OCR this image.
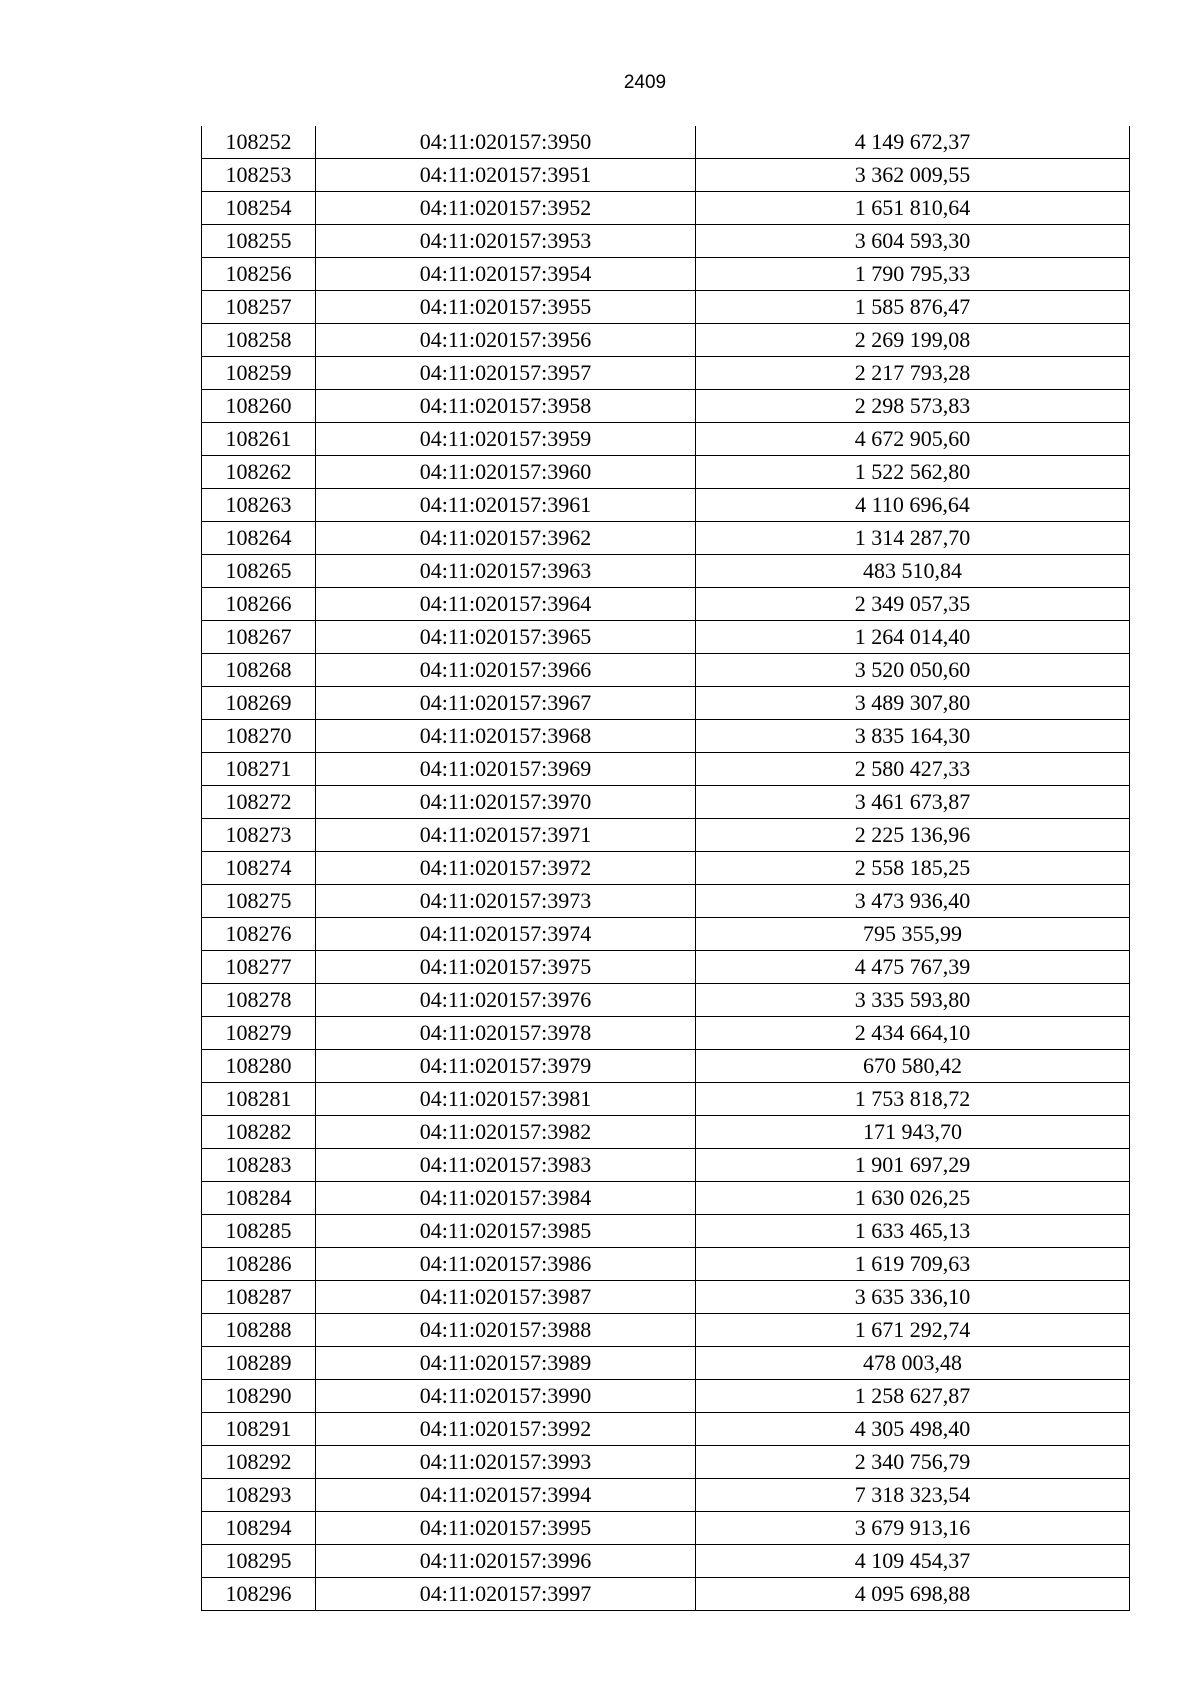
2409
108252	04:11:020157:3950	4 149 672,37
108253	04:11:020157:3951	3 362 009,55
108254	04:11:020157:3952	1 651 810,64
108255	04:11:020157:3953	3 604 593,30
108256	04:11:020157:3954	1 790 795,33
108257	04:11:020157:3955	1 585 876,47
108258	04:11:020157:3956	2 269 199,08
108259	04:11:020157:3957	2 217 793,28
108260	04:11:020157:3958	2 298 573,83
108261	04:11:020157:3959	4 672 905,60
108262	04:11:020157:3960	1 522 562,80
108263	04:11:020157:3961	4 110 696,64
108264	04:11:020157:3962	1 314 287,70
108265	04:11:020157:3963	483 510,84
108266	04:11:020157:3964	2 349 057,35
108267	04:11:020157:3965	1 264 014,40
108268	04:11:020157:3966	3 520 050,60
108269	04:11:020157:3967	3 489 307,80
108270	04:11:020157:3968	3 835 164,30
108271	04:11:020157:3969	2 580 427,33
108272	04:11:020157:3970	3 461 673,87
108273	04:11:020157:3971	2 225 136,96
108274	04:11:020157:3972	2 558 185,25
108275	04:11:020157:3973	3 473 936,40
108276	04:11:020157:3974	795 355,99
108277	04:11:020157:3975	4 475 767,39
108278	04:11:020157:3976	3 335 593,80
108279	04:11:020157:3978	2 434 664,10
108280	04:11:020157:3979	670 580,42
108281	04:11:020157:3981	1 753 818,72
108282	04:11:020157:3982	171 943,70
108283	04:11:020157:3983	1 901 697,29
108284	04:11:020157:3984	1 630 026,25
108285	04:11:020157:3985	1 633 465,13
108286	04:11:020157:3986	1 619 709,63
108287	04:11:020157:3987	3 635 336,10
108288	04:11:020157:3988	1 671 292,74
108289	04:11:020157:3989	478 003,48
108290	04:11:020157:3990	1 258 627,87
108291	04:11:020157:3992	4 305 498,40
108292	04:11:020157:3993	2 340 756,79
108293	04:11:020157:3994	7 318 323,54
108294	04:11:020157:3995	3 679 913,16
108295	04:11:020157:3996	4 109 454,37
108296	04:11:020157:3997	4 095 698,88
